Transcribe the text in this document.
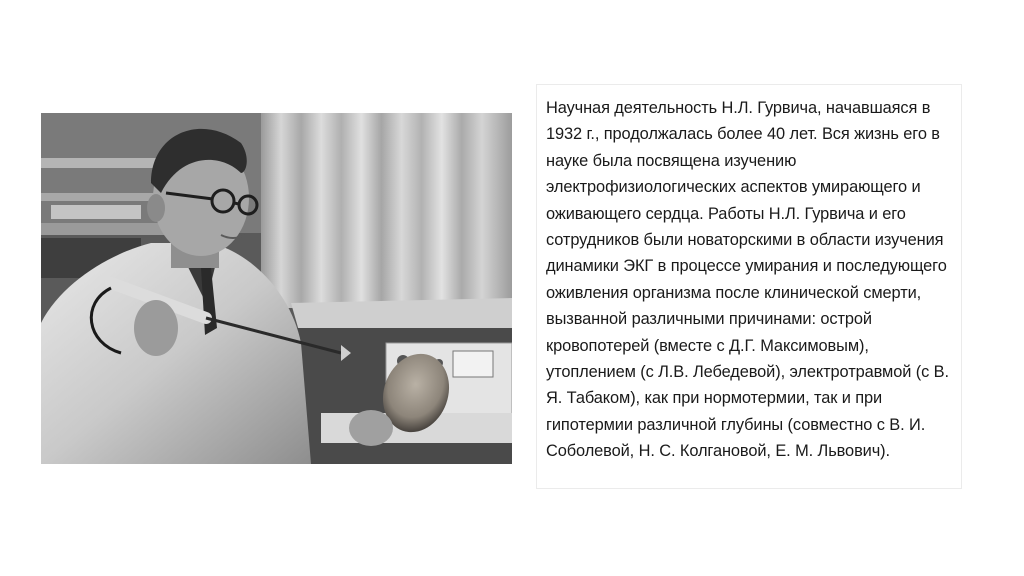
Научная деятельность Н.Л. Гурвича, начавшаяся в 1932 г., продолжалась более 40 лет. Вся жизнь его в науке была посвящена изучению электрофизиологических аспектов умирающего и оживающего сердца. Работы Н.Л. Гурвича и его сотрудников были новаторскими в области изучения динамики ЭКГ в процессе умирания и последующего оживления организма после клинической смерти, вызванной различными причинами: острой кровопотерей (вместе с Д.Г. Максимовым), утоплением (с Л.В. Лебедевой), электротравмой (с В. Я. Табаком), как при нормотермии, так и при гипотермии различной глубины (совместно с В. И. Соболевой, Н. С. Колгановой, Е. М. Львович).
